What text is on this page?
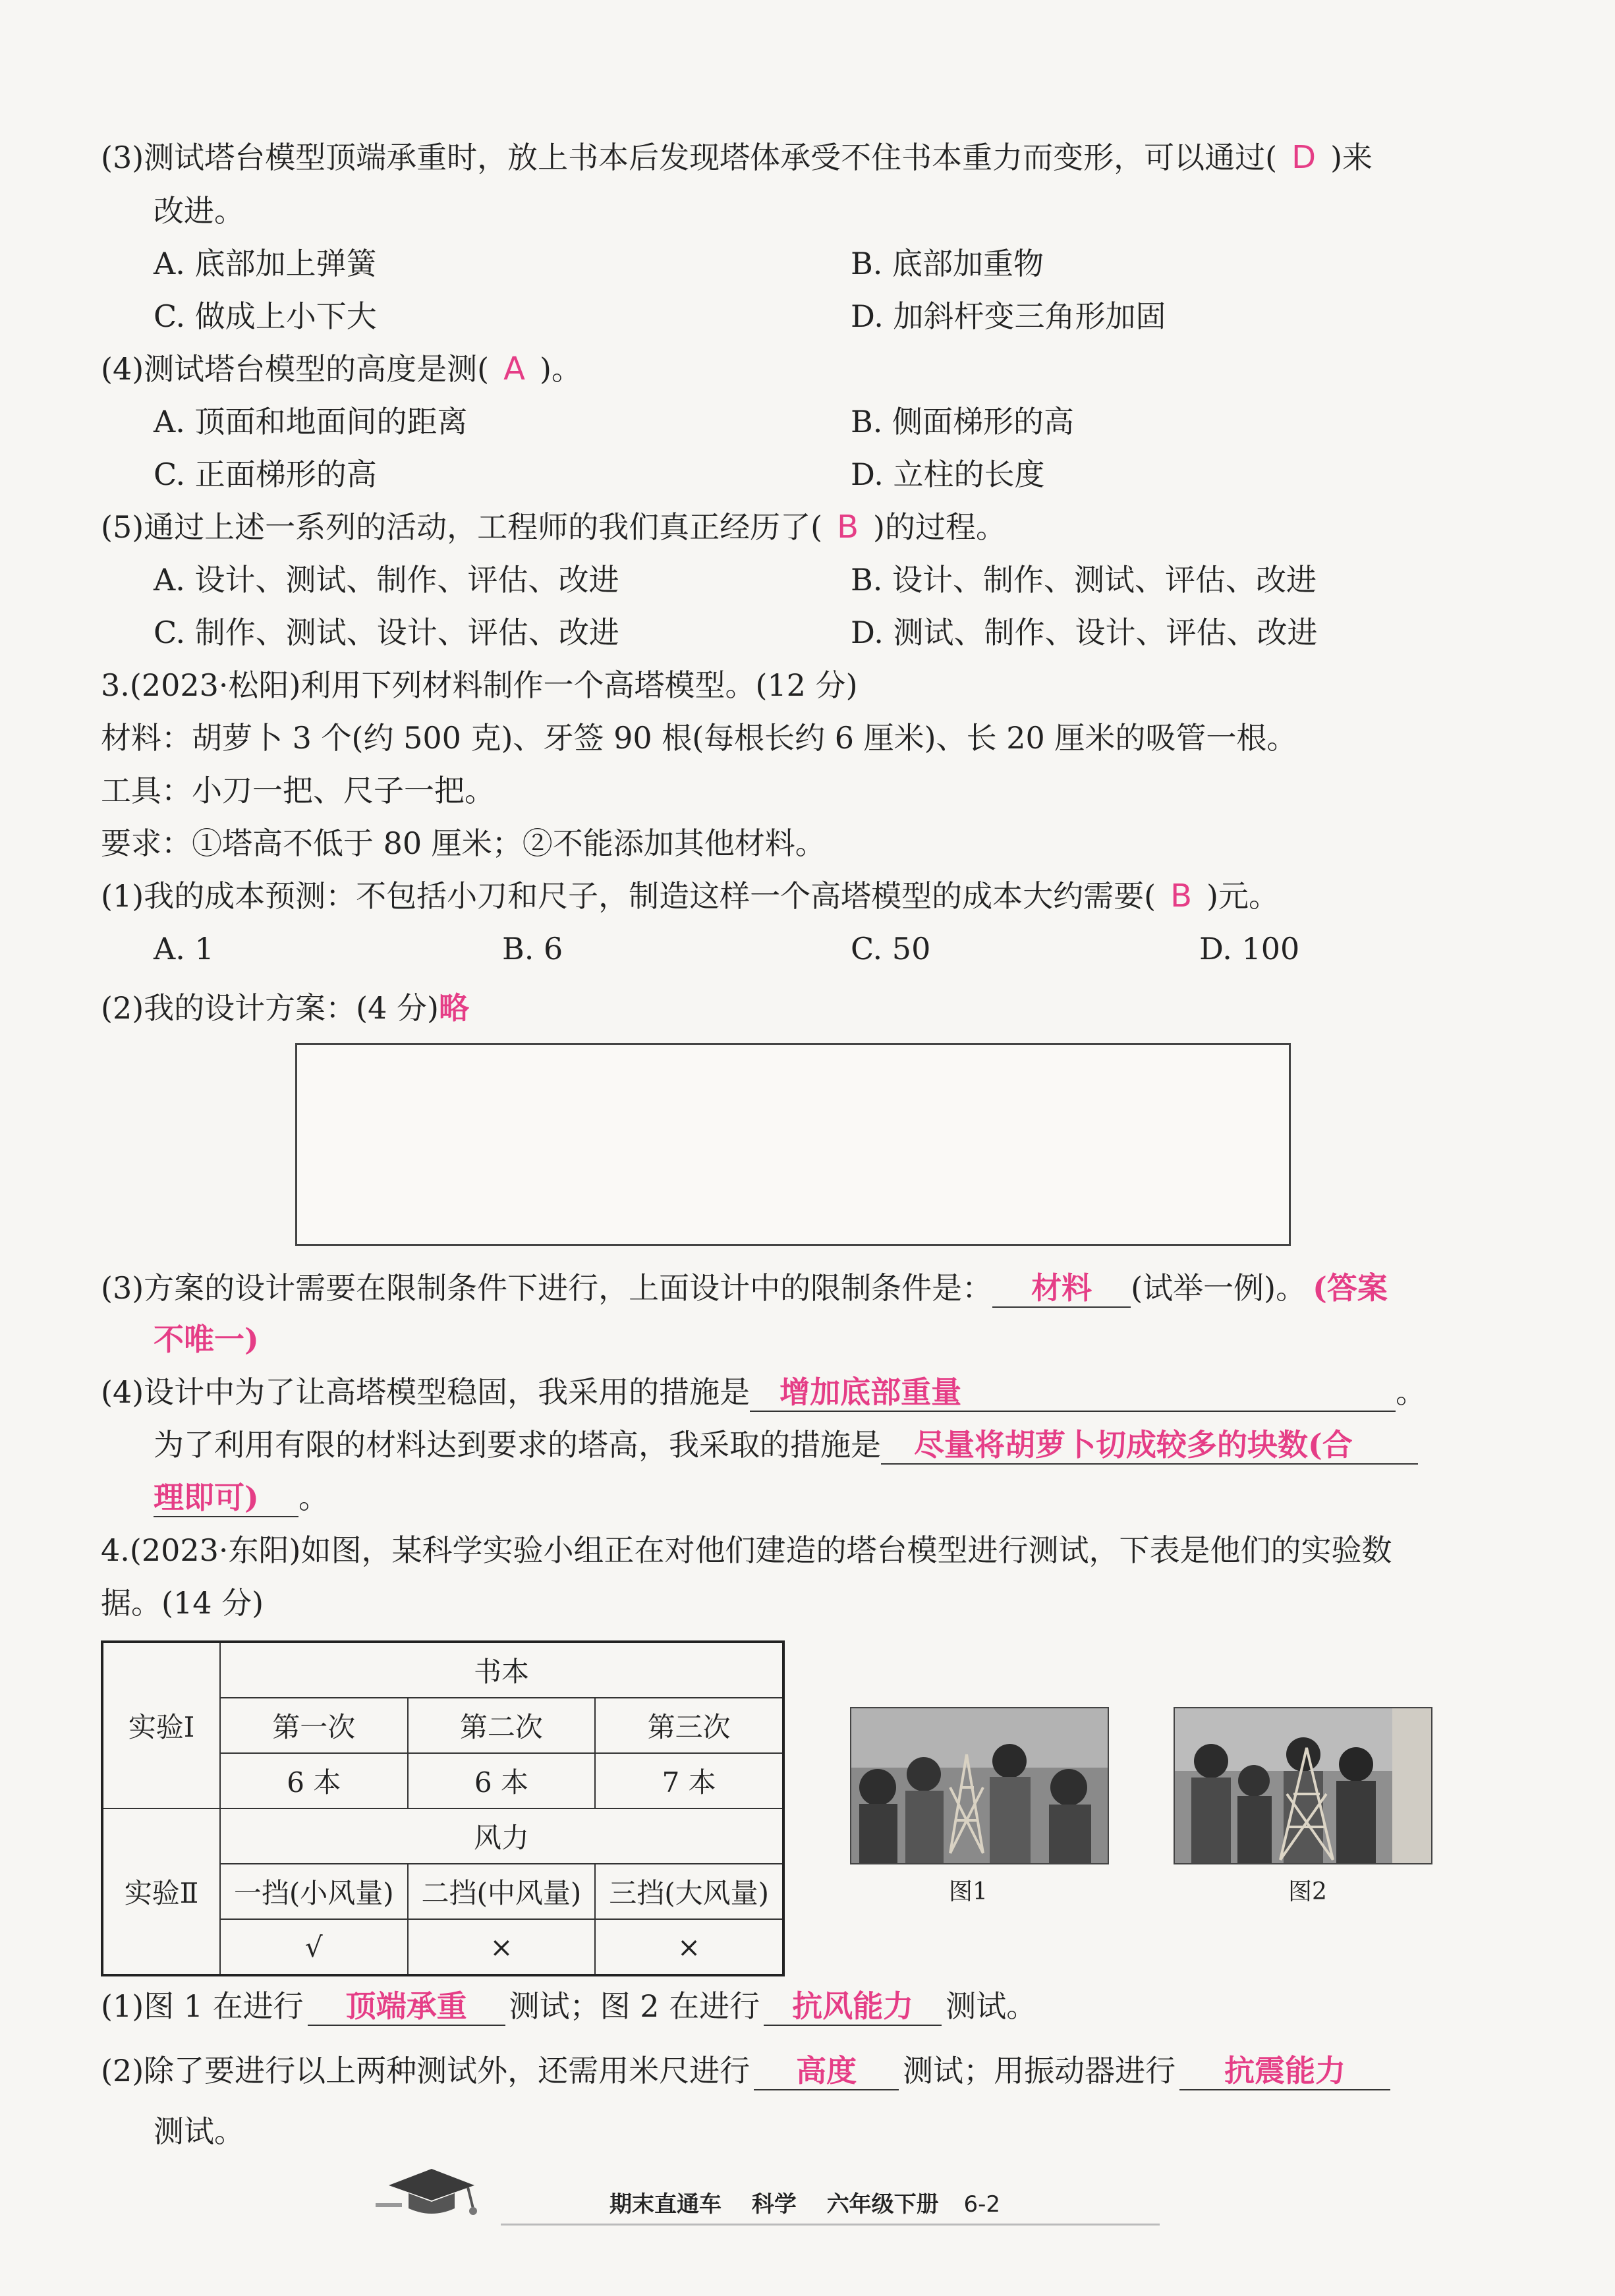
(3)测试塔台模型顶端承重时，放上书本后发现塔体承受不住书本重力而变形，可以通过( D )来
改进。
A. 底部加上弹簧	B. 底部加重物
C. 做成上小下大	D. 加斜杆变三角形加固
(4)测试塔台模型的高度是测( A )。
A. 顶面和地面间的距离	B. 侧面梯形的高
C. 正面梯形的高	D. 立柱的长度
(5)通过上述一系列的活动，工程师的我们真正经历了( B )的过程。
A. 设计、测试、制作、评估、改进	B. 设计、制作、测试、评估、改进
C. 制作、测试、设计、评估、改进	D. 测试、制作、设计、评估、改进
3.(2023·松阳)利用下列材料制作一个高塔模型。(12 分)
材料：胡萝卜 3 个(约 500 克)、牙签 90 根(每根长约 6 厘米)、长 20 厘米的吸管一根。
工具：小刀一把、尺子一把。
要求：①塔高不低于 80 厘米；②不能添加其他材料。
(1)我的成本预测：不包括小刀和尺子，制造这样一个高塔模型的成本大约需要( B )元。
A. 1	B. 6	C. 50	D. 100
(2)我的设计方案：(4 分)略
(3)方案的设计需要在限制条件下进行，上面设计中的限制条件是： 材料 (试举一例)。 (答案
不唯一)
(4)设计中为了让高塔模型稳固，我采用的措施是 增加底部重量	。
为了利用有限的材料达到要求的塔高，我采取的措施是 尽量将胡萝卜切成较多的块数(合
理即可) 。
4.(2023·东阳)如图，某科学实验小组正在对他们建造的塔台模型进行测试，下表是他们的实验数
据。(14 分)
实验Ⅰ	书本		
	第一次	第二次	第三次
	6 本	6 本	7 本
实验Ⅱ	风力		
	一挡(小风量)	二挡(中风量)	三挡(大风量)
	√	×	×
图1	图2
(1)图 1 在进行 顶端承重 测试；图 2 在进行 抗风能力 测试。
(2)除了要进行以上两种测试外，还需用米尺进行 高度 测试；用振动器进行 抗震能力
测试。
期末直通车 科学 六年级下册 6-2
